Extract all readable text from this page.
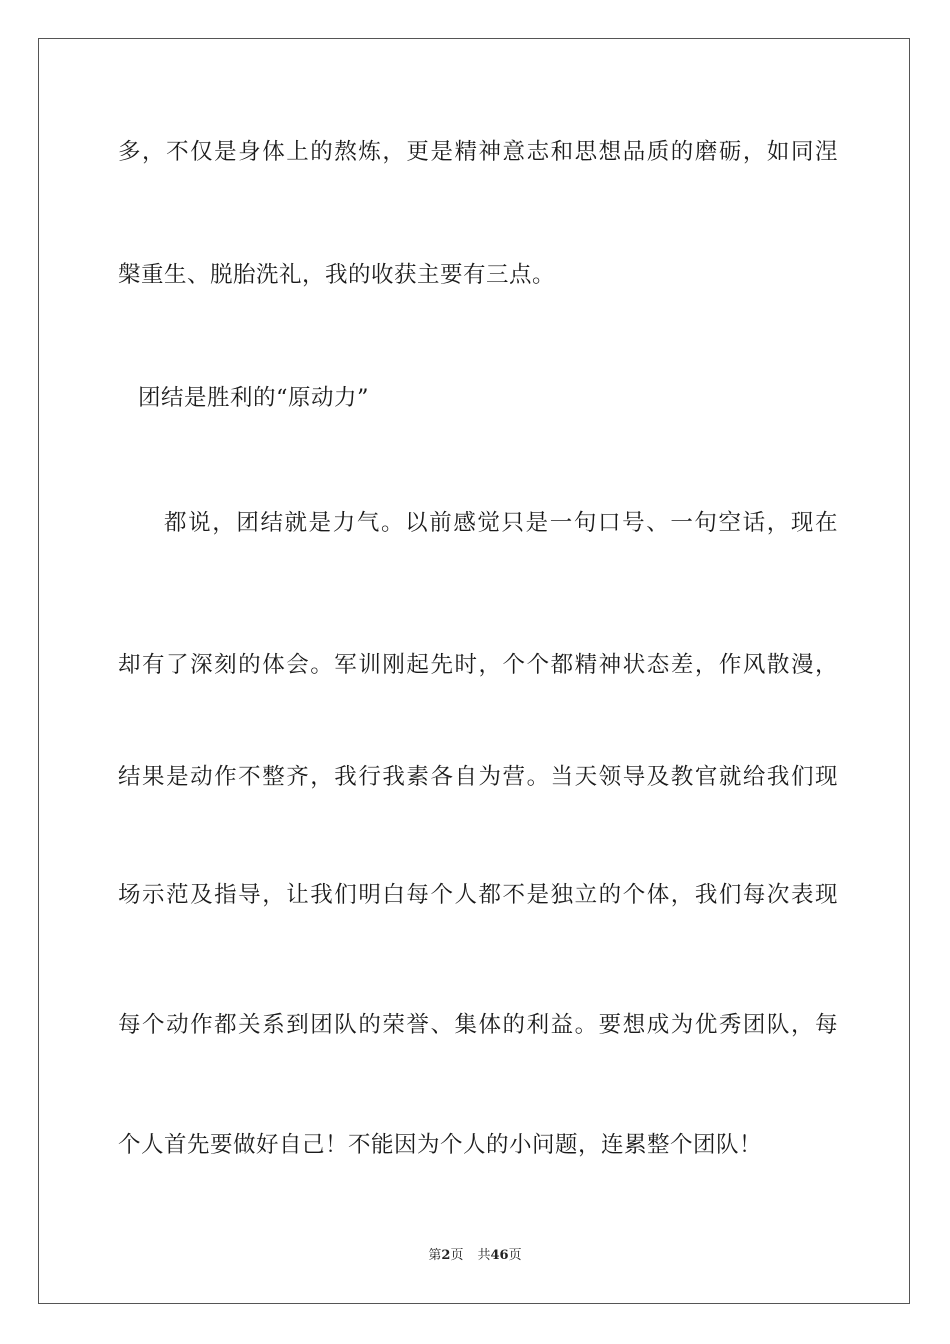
多，不仅是身体上的熬炼，更是精神意志和思想品质的磨砺，如同涅
槃重生、脱胎洗礼，我的收获主要有三点。
团结是胜利的“原动力”
都说，团结就是力气。以前感觉只是一句口号、一句空话，现在
却有了深刻的体会。军训刚起先时，个个都精神状态差，作风散漫，
结果是动作不整齐，我行我素各自为营。当天领导及教官就给我们现
场示范及指导，让我们明白每个人都不是独立的个体，我们每次表现
每个动作都关系到团队的荣誉、集体的利益。要想成为优秀团队，每
个人首先要做好自己！不能因为个人的小问题，连累整个团队！
第2页 共46页
